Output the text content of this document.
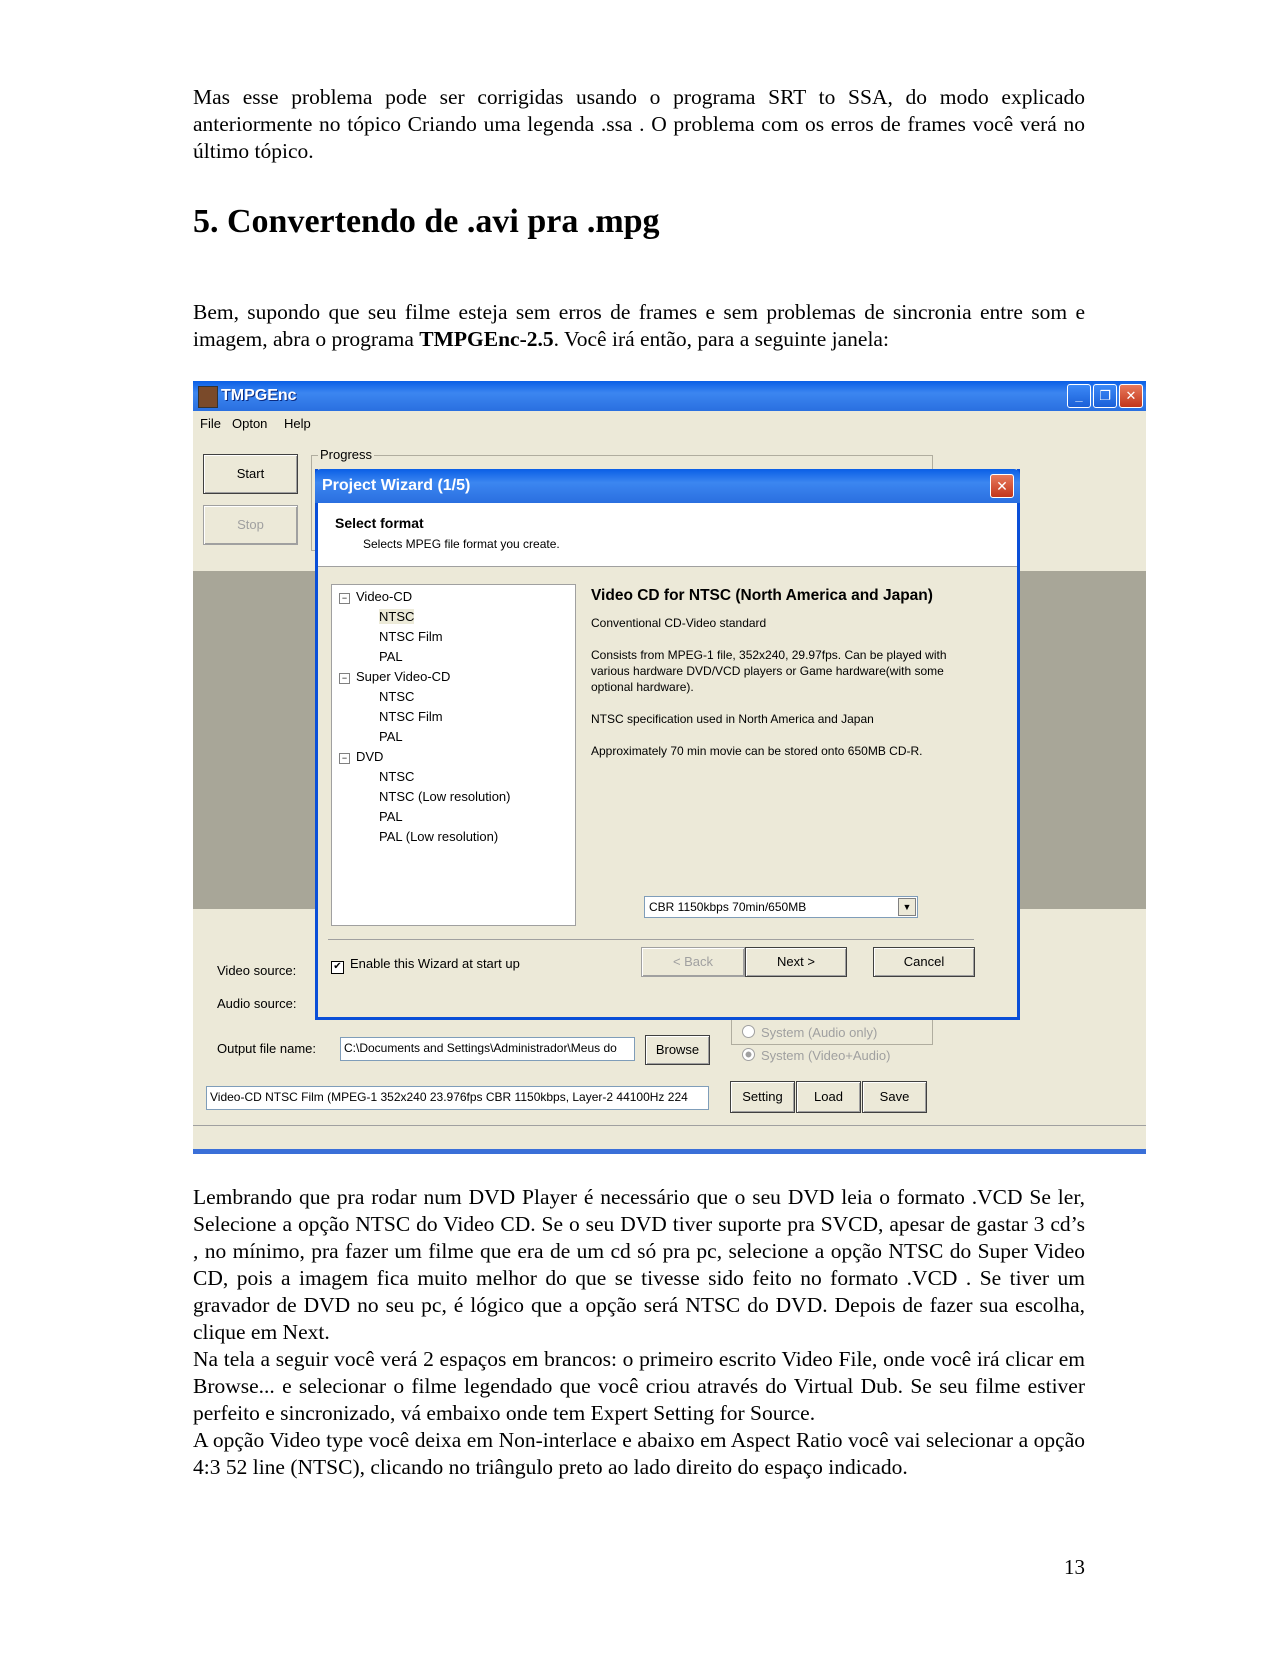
Mas esse problema pode ser corrigidas usando o programa SRT to SSA, do modo explicado anteriormente no tópico Criando uma legenda .ssa . O problema com os erros de frames você verá no último tópico.

5. Convertendo de .avi pra .mpg

Bem, supondo que seu filme esteja sem erros de frames e sem problemas de sincronia entre som e imagem, abra o programa TMPGEnc-2.5. Você irá então, para a seguinte janela:

TMPGEnc	_	❐	✕
File Opton Help
Start
Stop
Progress
Video source:
Audio source:
System (Audio only)
System (Video+Audio)
Output file name:	C:\Documents and Settings\Administrador\Meus do	Browse
Video-CD NTSC Film (MPEG-1 352x240 23.976fps CBR 1150kbps, Layer-2 44100Hz 224	Setting	Load	Save
Project Wizard (1/5)	✕
Select format
Selects MPEG file format you create.
− Video-CD
NTSC
NTSC Film
PAL
− Super Video-CD
NTSC
NTSC Film
PAL
− DVD
NTSC
NTSC (Low resolution)
PAL
PAL (Low resolution)
Video CD for NTSC (North America and Japan)
Conventional CD-Video standard
Consists from MPEG-1 file, 352x240, 29.97fps. Can be played with
various hardware DVD/VCD players or Game hardware(with some
optional hardware).
NTSC specification used in North America and Japan
Approximately 70 min movie can be stored onto 650MB CD-R.
CBR 1150kbps 70min/650MB	▼
✔ Enable this Wizard at start up	< Back	Next >	Cancel

Lembrando que pra rodar num DVD Player é necessário que o seu DVD leia o formato .VCD Se ler, Selecione a opção NTSC do Video CD. Se o seu DVD tiver suporte pra SVCD, apesar de gastar 3 cd’s , no mínimo, pra fazer um filme que era de um cd só pra pc, selecione a opção NTSC do Super Video CD, pois a imagem fica muito melhor do que se tivesse sido feito no formato .VCD . Se tiver um gravador de DVD no seu pc, é lógico que a opção será NTSC do DVD. Depois de fazer sua escolha, clique em Next.

Na tela a seguir você verá 2 espaços em brancos: o primeiro escrito Video File, onde você irá clicar em Browse... e selecionar o filme legendado que você criou através do Virtual Dub. Se seu filme estiver perfeito e sincronizado, vá embaixo onde tem Expert Setting for Source.

A opção Video type você deixa em Non-interlace e abaixo em Aspect Ratio você vai selecionar a opção 4:3 52 line (NTSC), clicando no triângulo preto ao lado direito do espaço indicado.

13
